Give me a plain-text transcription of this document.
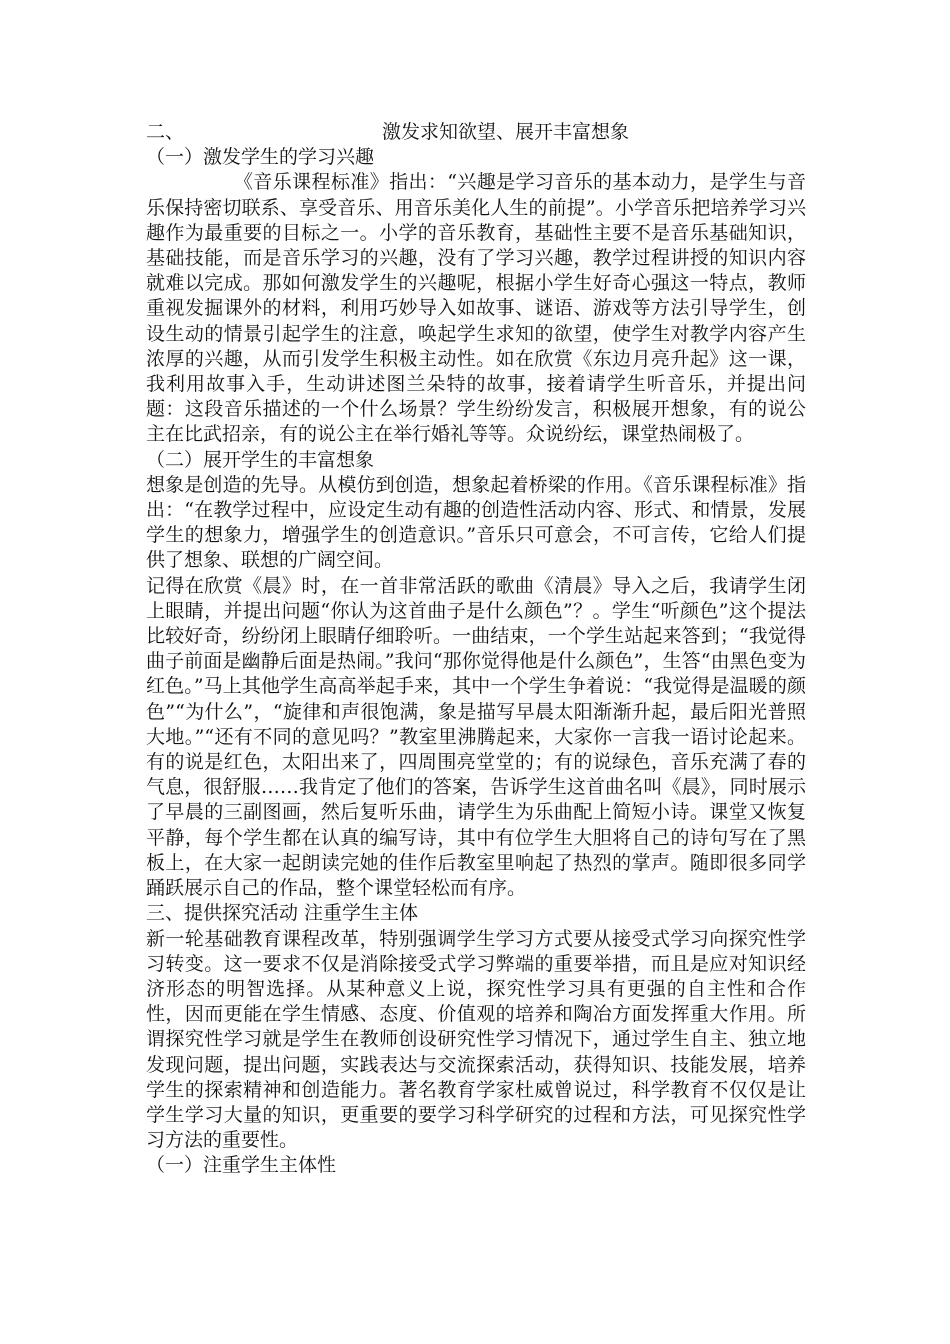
二、	激发求知欲望、展开丰富想象

（一）激发学生的学习兴趣

《音乐课程标准》指出：“兴趣是学习音乐的基本动力，是学生与音乐保持密切联系、享受音乐、用音乐美化人生的前提”。小学音乐把培养学习兴趣作为最重要的目标之一。小学的音乐教育，基础性主要不是音乐基础知识，基础技能，而是音乐学习的兴趣，没有了学习兴趣，教学过程讲授的知识内容就难以完成。那如何激发学生的兴趣呢，根据小学生好奇心强这一特点，教师重视发掘课外的材料，利用巧妙导入如故事、谜语、游戏等方法引导学生，创设生动的情景引起学生的注意，唤起学生求知的欲望，使学生对教学内容产生浓厚的兴趣，从而引发学生积极主动性。如在欣赏《东边月亮升起》这一课，我利用故事入手，生动讲述图兰朵特的故事，接着请学生听音乐，并提出问题：这段音乐描述的一个什么场景？学生纷纷发言，积极展开想象，有的说公主在比武招亲，有的说公主在举行婚礼等等。众说纷纭，课堂热闹极了。

（二）展开学生的丰富想象

想象是创造的先导。从模仿到创造，想象起着桥梁的作用。《音乐课程标准》指出：“在教学过程中，应设定生动有趣的创造性活动内容、形式、和情景，发展学生的想象力，增强学生的创造意识。”音乐只可意会，不可言传，它给人们提供了想象、联想的广阔空间。

记得在欣赏《晨》时，在一首非常活跃的歌曲《清晨》导入之后，我请学生闭上眼睛，并提出问题“你认为这首曲子是什么颜色”？。学生“听颜色”这个提法比较好奇，纷纷闭上眼睛仔细聆听。一曲结束，一个学生站起来答到；“我觉得曲子前面是幽静后面是热闹。”我问“那你觉得他是什么颜色”，生答“由黑色变为红色。”马上其他学生高高举起手来，其中一个学生争着说：“我觉得是温暖的颜色”“为什么”，“旋律和声很饱满，象是描写早晨太阳渐渐升起，最后阳光普照大地。”“还有不同的意见吗？”教室里沸腾起来，大家你一言我一语讨论起来。有的说是红色，太阳出来了，四周围亮堂堂的；有的说绿色，音乐充满了春的气息，很舒服……我肯定了他们的答案，告诉学生这首曲名叫《晨》，同时展示了早晨的三副图画，然后复听乐曲，请学生为乐曲配上简短小诗。课堂又恢复平静，每个学生都在认真的编写诗，其中有位学生大胆将自己的诗句写在了黑板上，在大家一起朗读完她的佳作后教室里响起了热烈的掌声。随即很多同学踊跃展示自己的作品，整个课堂轻松而有序。

三、提供探究活动 注重学生主体

新一轮基础教育课程改革，特别强调学生学习方式要从接受式学习向探究性学习转变。这一要求不仅是消除接受式学习弊端的重要举措，而且是应对知识经济形态的明智选择。从某种意义上说，探究性学习具有更强的自主性和合作性，因而更能在学生情感、态度、价值观的培养和陶冶方面发挥重大作用。所谓探究性学习就是学生在教师创设研究性学习情况下，通过学生自主、独立地发现问题，提出问题，实践表达与交流探索活动，获得知识、技能发展，培养学生的探索精神和创造能力。著名教育学家杜威曾说过，科学教育不仅仅是让学生学习大量的知识，更重要的要学习科学研究的过程和方法，可见探究性学习方法的重要性。

（一）注重学生主体性
